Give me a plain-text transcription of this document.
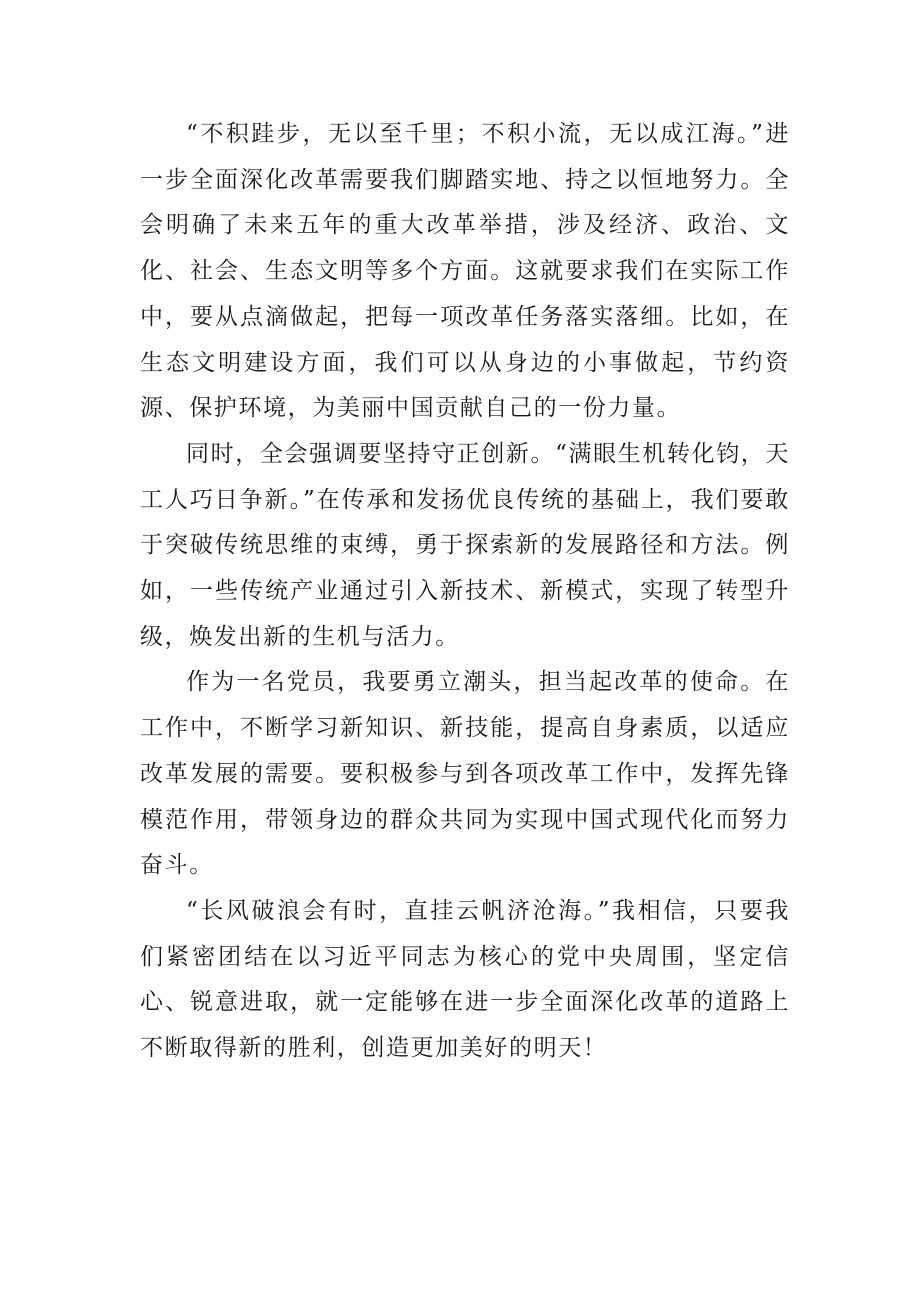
“不积跬步，无以至千里；不积小流，无以成江海。”进一步全面深化改革需要我们脚踏实地、持之以恒地努力。全会明确了未来五年的重大改革举措，涉及经济、政治、文化、社会、生态文明等多个方面。这就要求我们在实际工作中，要从点滴做起，把每一项改革任务落实落细。比如，在生态文明建设方面，我们可以从身边的小事做起，节约资源、保护环境，为美丽中国贡献自己的一份力量。

同时，全会强调要坚持守正创新。“满眼生机转化钧，天工人巧日争新。”在传承和发扬优良传统的基础上，我们要敢于突破传统思维的束缚，勇于探索新的发展路径和方法。例如，一些传统产业通过引入新技术、新模式，实现了转型升级，焕发出新的生机与活力。

作为一名党员，我要勇立潮头，担当起改革的使命。在工作中，不断学习新知识、新技能，提高自身素质，以适应改革发展的需要。要积极参与到各项改革工作中，发挥先锋模范作用，带领身边的群众共同为实现中国式现代化而努力奋斗。

“长风破浪会有时，直挂云帆济沧海。”我相信，只要我们紧密团结在以习近平同志为核心的党中央周围，坚定信心、锐意进取，就一定能够在进一步全面深化改革的道路上不断取得新的胜利，创造更加美好的明天！
